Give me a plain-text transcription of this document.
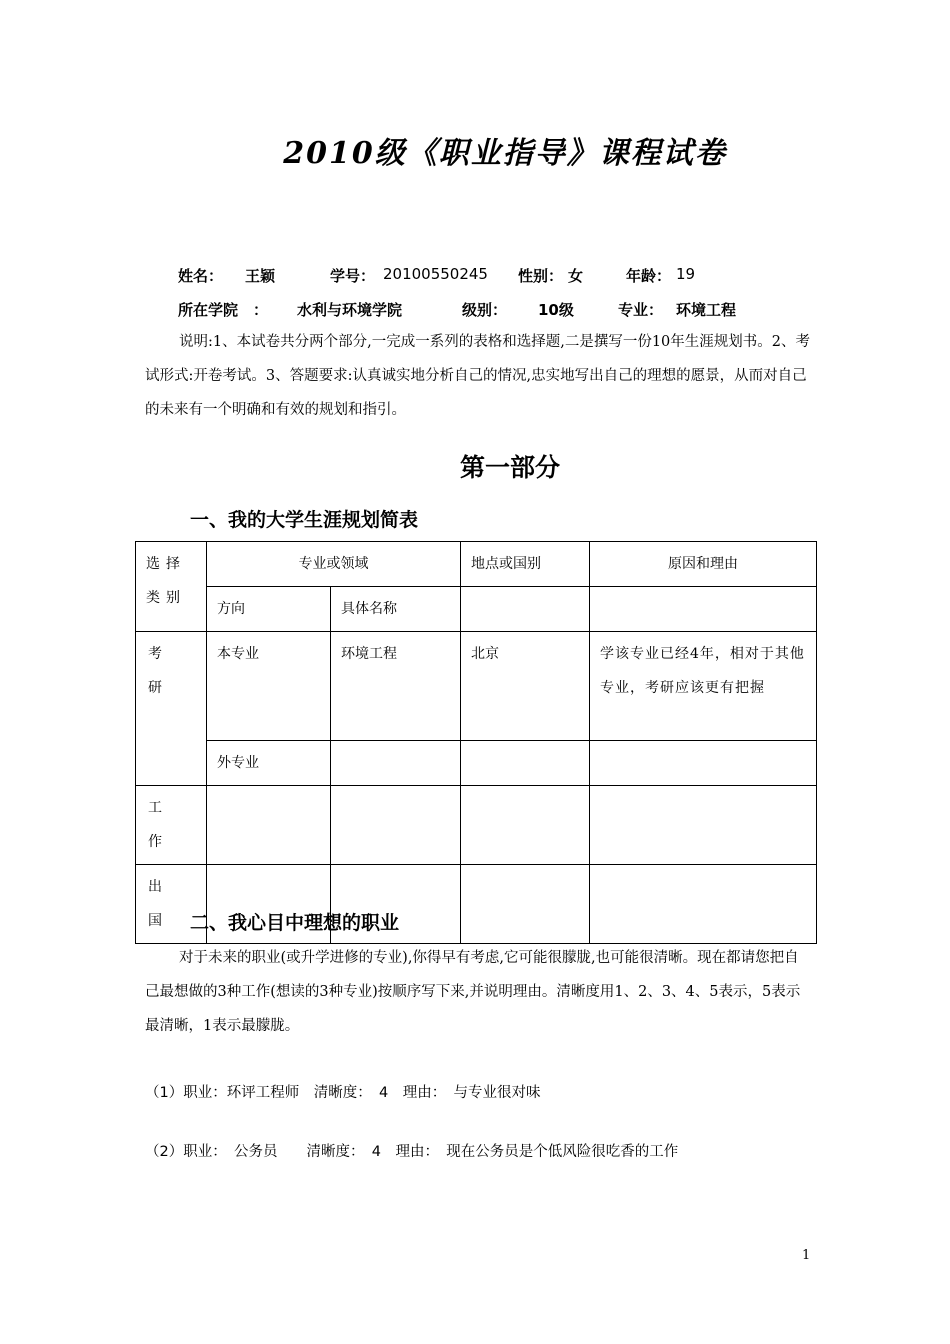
2010级《职业指导》课程试卷
姓名： 王颖	学号： 20100550245 性别： 女	年龄： 19
所在学院　： 水利与环境学院	级别： 10级	专业： 环境工程
说明:1、本试卷共分两个部分,一完成一系列的表格和选择题,二是撰写一份10年生涯规划书。2、考试形式:开卷考试。3、答题要求:认真诚实地分析自己的情况,忠实地写出自己的理想的愿景，从而对自己的未来有一个明确和有效的规划和指引。
第一部分
一、我的大学生涯规划简表
选择类别	专业或领域		地点或国别	原因和理由
	方向	具体名称		

考研	本专业	环境工程	北京	学该专业已经4年，相对于其他专业，考研应该更有把握
	外专业			

工作				

出国				
				二、我心目中理想的职业
对于未来的职业(或升学进修的专业),你得早有考虑,它可能很朦胧,也可能很清晰。现在都请您把自己最想做的3种工作(想读的3种专业)按顺序写下来,并说明理由。清晰度用1、2、3、4、5表示，5表示最清晰，1表示最朦胧。
（1）职业：环评工程师　清晰度：　4　理由：　与专业很对味
（2）职业：　公务员　　清晰度：　4　理由：　现在公务员是个低风险很吃香的工作
1
